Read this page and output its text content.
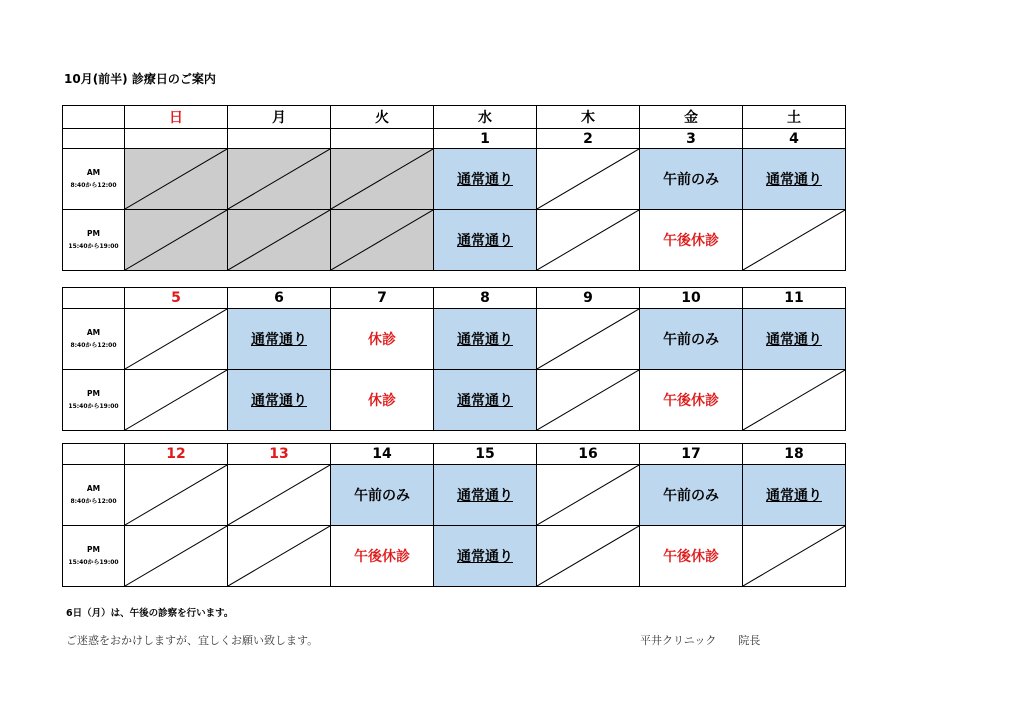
10月(前半) 診療日のご案内
	日	月	火	水	木	金	土
				1	2	3	4

AM
8:40から12:00				通常通り		午前のみ	通常通り

PM
15:40から19:00				通常通り		午後休診	
	5	6	7	8	9	10	11

AM
8:40から12:00		通常通り	休診	通常通り		午前のみ	通常通り

PM
15:40から19:00		通常通り	休診	通常通り		午後休診	
	12	13	14	15	16	17	18

AM
8:40から12:00			午前のみ	通常通り		午前のみ	通常通り

PM
15:40から19:00			午後休診	通常通り		午後休診	
6日（月）は、午後の診察を行います。
ご迷惑をおかけしますが、宜しくお願い致します。	平井クリニック 院長
